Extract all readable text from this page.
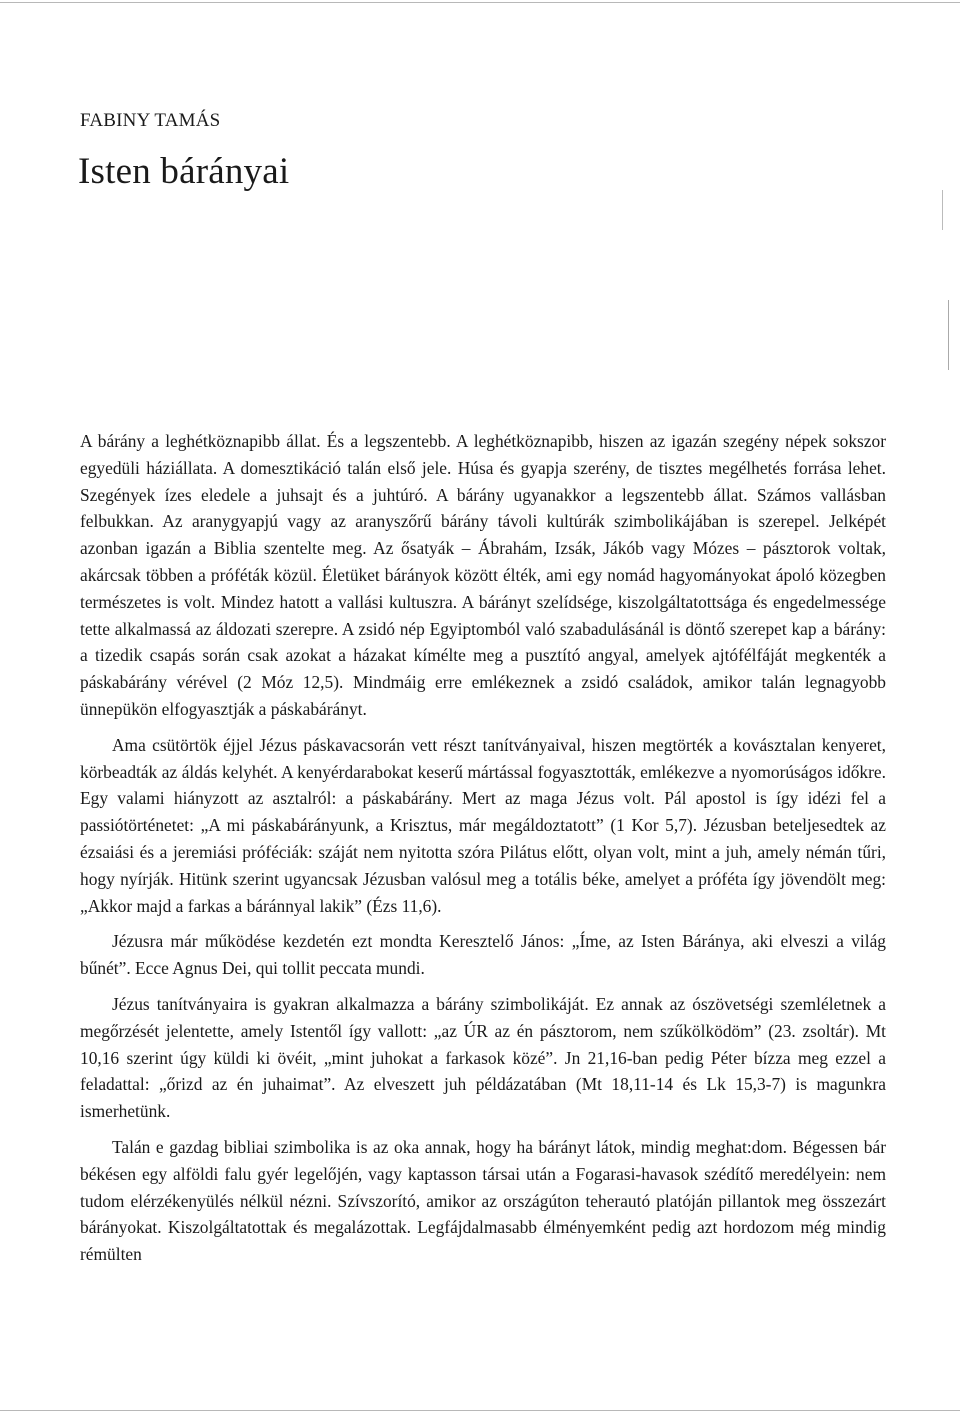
FABINY TAMÁS
Isten bárányai

A bárány a leghétköznapibb állat. És a legszentebb. A leghétköznapibb, hiszen az igazán szegény népek sokszor egyedüli háziállata. A domesztikáció talán első jele. Húsa és gyapja szerény, de tisztes megélhetés forrása lehet. Szegények ízes eledele a juhsajt és a juhtúró. A bárány ugyanakkor a legszentebb állat. Számos vallásban felbukkan. Az aranygyapjú vagy az aranyszőrű bárány távoli kultúrák szimbolikájában is szerepel. Jelképét azonban igazán a Biblia szentelte meg. Az ősatyák – Ábrahám, Izsák, Jákób vagy Mózes – pásztorok voltak, akárcsak többen a próféták közül. Életüket bárányok között élték, ami egy nomád hagyományokat ápoló közegben természetes is volt. Mindez hatott a vallási kultuszra. A bárányt szelídsége, kiszolgáltatottsága és engedelmessége tette alkalmassá az áldozati szerepre. A zsidó nép Egyiptomból való szabadulásánál is döntő szerepet kap a bárány: a tizedik csapás során csak azokat a házakat kímélte meg a pusztító angyal, amelyek ajtófélfáját megkenték a páskabárány vérével (2 Móz 12,5). Mindmáig erre emlékeznek a zsidó családok, amikor talán legnagyobb ünnepükön elfogyasztják a páskabárányt.

Ama csütörtök éjjel Jézus páskavacsorán vett részt tanítványaival, hiszen megtörték a kovásztalan kenyeret, körbeadták az áldás kelyhét. A kenyérdarabokat keserű mártással fogyasztották, emlékezve a nyomorúságos időkre. Egy valami hiányzott az asztalról: a páskabárány. Mert az maga Jézus volt. Pál apostol is így idézi fel a passiótörténetet: „A mi páskabárányunk, a Krisztus, már megáldoztatott” (1 Kor 5,7). Jézusban beteljesedtek az ézsaiási és a jeremiási próféciák: száját nem nyitotta szóra Pilátus előtt, olyan volt, mint a juh, amely némán tűri, hogy nyírják. Hitünk szerint ugyancsak Jézusban valósul meg a totális béke, amelyet a próféta így jövendölt meg: „Akkor majd a farkas a báránnyal lakik” (Ézs 11,6).

Jézusra már működése kezdetén ezt mondta Keresztelő János: „Íme, az Isten Báránya, aki elveszi a világ bűnét”. Ecce Agnus Dei, qui tollit peccata mundi.

Jézus tanítványaira is gyakran alkalmazza a bárány szimbolikáját. Ez annak az ószövetségi szemléletnek a megőrzését jelentette, amely Istentől így vallott: „az ÚR az én pásztorom, nem szűkölködöm” (23. zsoltár). Mt 10,16 szerint úgy küldi ki övéit, „mint juhokat a farkasok közé”. Jn 21,16-ban pedig Péter bízza meg ezzel a feladattal: „őrizd az én juhaimat”. Az elveszett juh példázatában (Mt 18,11-14 és Lk 15,3-7) is magunkra ismerhetünk.

Talán e gazdag bibliai szimbolika is az oka annak, hogy ha bárányt látok, mindig meghat:dom. Bégessen bár békésen egy alföldi falu gyér legelőjén, vagy kaptasson társai után a Fogarasi-havasok szédítő meredélyein: nem tudom elérzékenyülés nélkül nézni. Szívszorító, amikor az országúton teherautó platóján pillantok meg összezárt bárányokat. Kiszolgáltatottak és megalázottak. Legfájdalmasabb élményemként pedig azt hordozom még mindig rémülten
